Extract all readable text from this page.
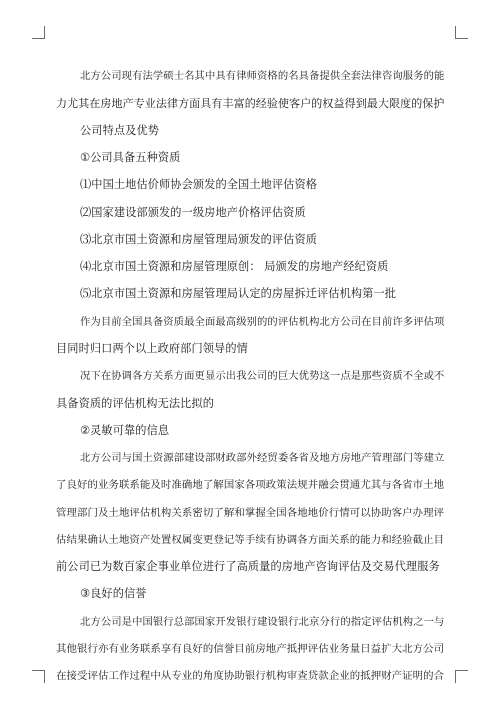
北方公司现有法学硕士名其中具有律师资格的名具备提供全套法律咨询服务的能
力尤其在房地产专业法律方面具有丰富的经验使客户的权益得到最大限度的保护
公司特点及优势
①公司具备五种资质
⑴中国土地估价师协会颁发的全国土地评估资格
⑵国家建设部颁发的一级房地产价格评估资质
⑶北京市国土资源和房屋管理局颁发的评估资质
⑷北京市国土资源和房屋管理原创： 局颁发的房地产经纪资质
⑸北京市国土资源和房屋管理局认定的房屋拆迁评估机构第一批
作为目前全国具备资质最全面最高级别的的评估机构北方公司在目前许多评估项
目同时归口两个以上政府部门领导的情
况下在协调各方关系方面更显示出我公司的巨大优势这一点是那些资质不全或不
具备资质的评估机构无法比拟的
②灵敏可靠的信息
北方公司与国土资源部建设部财政部外经贸委各省及地方房地产管理部门等建立
了良好的业务联系能及时准确地了解国家各项政策法规并融会贯通尤其与各省市土地
管理部门及土地评估机构关系密切了解和掌握全国各地地价行情可以协助客户办理评
估结果确认土地资产处置权属变更登记等手续有协调各方面关系的能力和经验截止目
前公司已为数百家企事业单位进行了高质量的房地产咨询评估及交易代理服务
③良好的信誉
北方公司是中国银行总部国家开发银行建设银行北京分行的指定评估机构之一与
其他银行亦有业务联系享有良好的信誉目前房地产抵押评估业务量日益扩大北方公司
在接受评估工作过程中从专业的角度协助银行机构审查贷款企业的抵押财产证明的合
